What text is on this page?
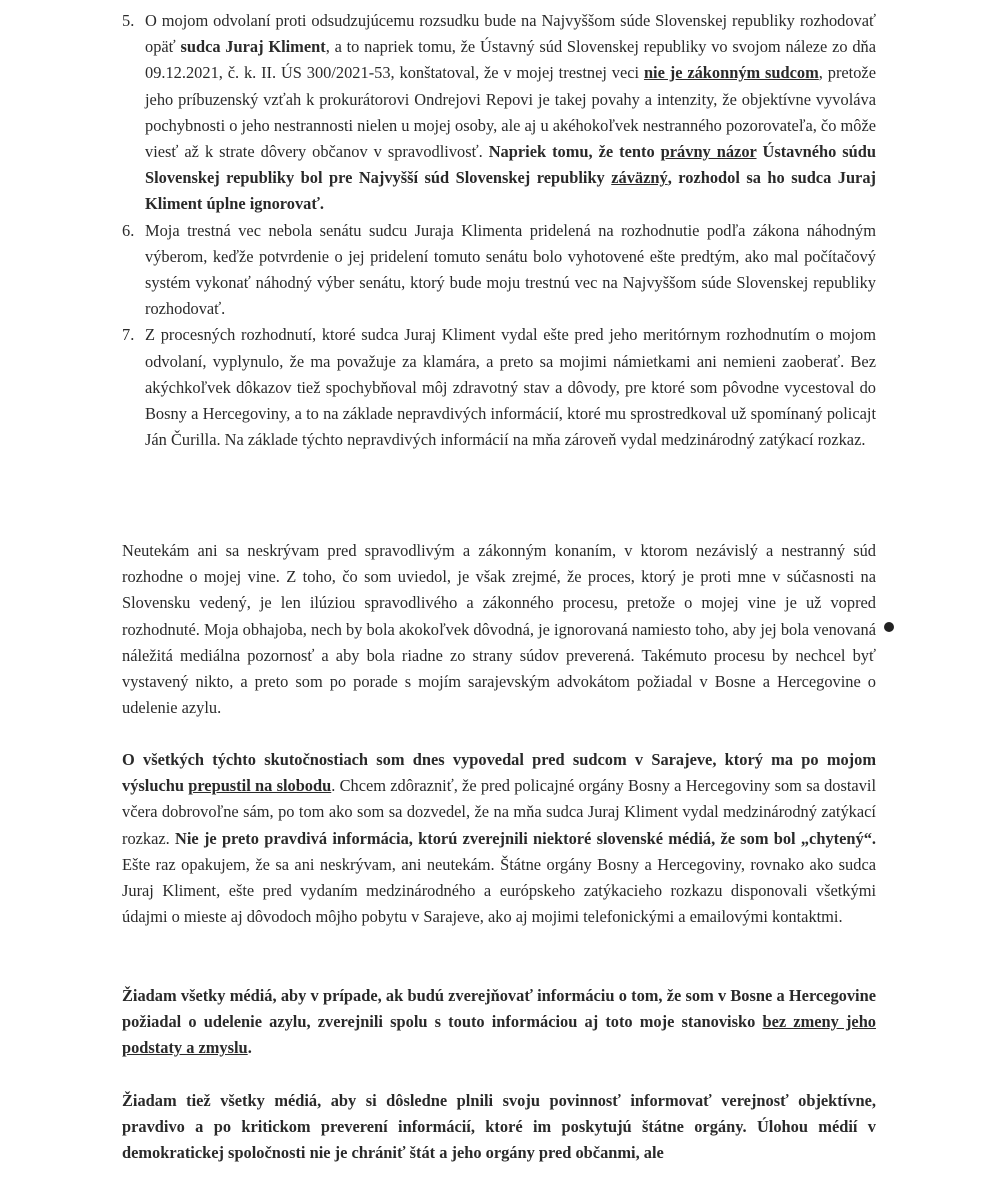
5. O mojom odvolaní proti odsudzujúcemu rozsudku bude na Najvyššom súde Slovenskej republiky rozhodovať opäť sudca Juraj Kliment, a to napriek tomu, že Ústavný súd Slovenskej republiky vo svojom náleze zo dňa 09.12.2021, č. k. II. ÚS 300/2021-53, konštatoval, že v mojej trestnej veci nie je zákonným sudcom, pretože jeho príbuzenský vzťah k prokurátorovi Ondrejovi Repovi je takej povahy a intenzity, že objektívne vyvoláva pochybnosti o jeho nestrannosti nielen u mojej osoby, ale aj u akéhokoľvek nestranného pozorovateľa, čo môže viesť až k strate dôvery občanov v spravodlivosť. Napriek tomu, že tento právny názor Ústavného súdu Slovenskej republiky bol pre Najvyšší súd Slovenskej republiky záväzný, rozhodol sa ho sudca Juraj Kliment úplne ignorovať.

6. Moja trestná vec nebola senátu sudcu Juraja Klimenta pridelená na rozhodnutie podľa zákona náhodným výberom, keďže potvrdenie o jej pridelení tomuto senátu bolo vyhotovené ešte predtým, ako mal počítačový systém vykonať náhodný výber senátu, ktorý bude moju trestnú vec na Najvyššom súde Slovenskej republiky rozhodovať.

7. Z procesných rozhodnutí, ktoré sudca Juraj Kliment vydal ešte pred jeho meritórnym rozhodnutím o mojom odvolaní, vyplynulo, že ma považuje za klamára, a preto sa mojimi námietkami ani nemieni zaoberať. Bez akýchkoľvek dôkazov tiež spochybňoval môj zdravotný stav a dôvody, pre ktoré som pôvodne vycestoval do Bosny a Hercegoviny, a to na základe nepravdivých informácií, ktoré mu sprostredkoval už spomínaný policajt Ján Čurilla. Na základe týchto nepravdivých informácií na mňa zároveň vydal medzinárodný zatýkací rozkaz.

Neutekám ani sa neskrývam pred spravodlivým a zákonným konaním, v ktorom nezávislý a nestranný súd rozhodne o mojej vine. Z toho, čo som uviedol, je však zrejmé, že proces, ktorý je proti mne v súčasnosti na Slovensku vedený, je len ilúziou spravodlivého a zákonného procesu, pretože o mojej vine je už vopred rozhodnuté. Moja obhajoba, nech by bola akokoľvek dôvodná, je ignorovaná namiesto toho, aby jej bola venovaná náležitá mediálna pozornosť a aby bola riadne zo strany súdov preverená. Takémuto procesu by nechcel byť vystavený nikto, a preto som po porade s mojím sarajevským advokátom požiadal v Bosne a Hercegovine o udelenie azylu.

O všetkých týchto skutočnostiach som dnes vypovedal pred sudcom v Sarajeve, ktorý ma po mojom výsluchu prepustil na slobodu. Chcem zdôrazniť, že pred policajné orgány Bosny a Hercegoviny som sa dostavil včera dobrovoľne sám, po tom ako som sa dozvedel, že na mňa sudca Juraj Kliment vydal medzinárodný zatýkací rozkaz. Nie je preto pravdivá informácia, ktorú zverejnili niektoré slovenské médiá, že som bol „chytený“. Ešte raz opakujem, že sa ani neskrývam, ani neutekám. Štátne orgány Bosny a Hercegoviny, rovnako ako sudca Juraj Kliment, ešte pred vydaním medzinárodného a európskeho zatýkacieho rozkazu disponovali všetkými údajmi o mieste aj dôvodoch môjho pobytu v Sarajeve, ako aj mojimi telefonickými a emailovými kontaktmi.

Žiadam všetky médiá, aby v prípade, ak budú zverejňovať informáciu o tom, že som v Bosne a Hercegovine požiadal o udelenie azylu, zverejnili spolu s touto informáciou aj toto moje stanovisko bez zmeny jeho podstaty a zmyslu.

Žiadam tiež všetky médiá, aby si dôsledne plnili svoju povinnosť informovať verejnosť objektívne, pravdivo a po kritickom preverení informácií, ktoré im poskytujú štátne orgány. Úlohou médií v demokratickej spoločnosti nie je chrániť štát a jeho orgány pred občanmi, ale
